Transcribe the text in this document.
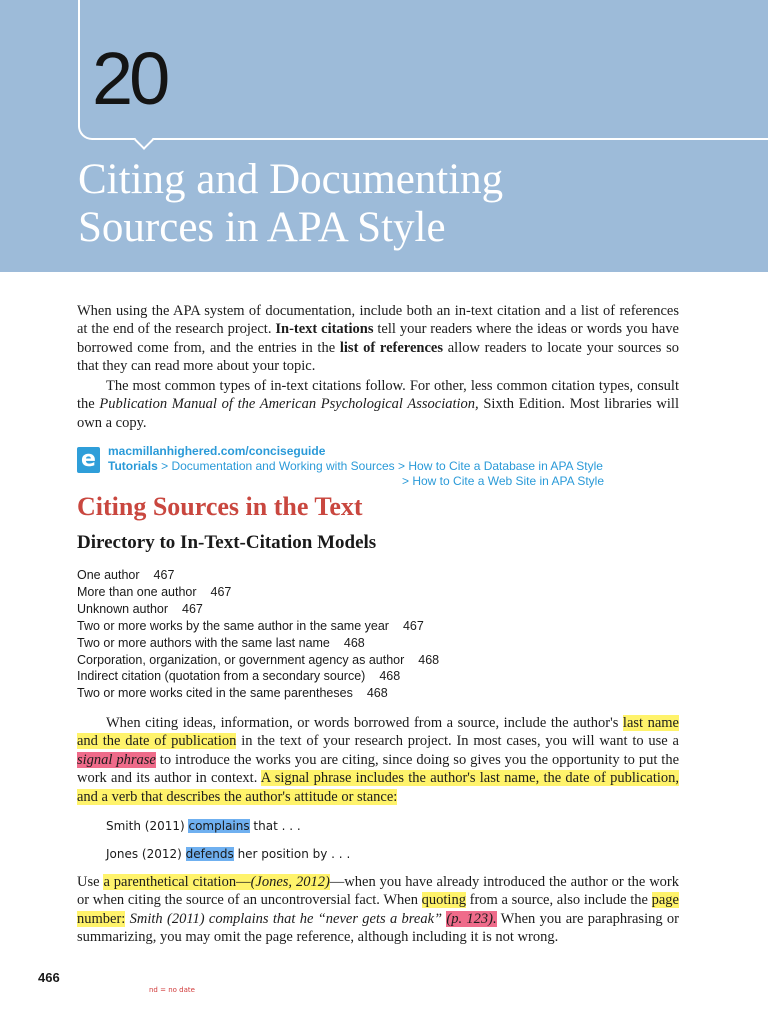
20
Citing and Documenting
Sources in APA Style

When using the APA system of documentation, include both an in-text citation and a list of references at the end of the research project. In-text citations tell your readers where the ideas or words you have borrowed come from, and the entries in the list of references allow readers to locate your sources so that they can read more about your topic.

The most common types of in-text citations follow. For other, less common citation types, consult the Publication Manual of the American Psychological Association, Sixth Edition. Most libraries will own a copy.

e	macmillanhighered.com/conciseguide
Tutorials > Documentation and Working with Sources > How to Cite a Database in APA Style
> How to Cite a Web Site in APA Style
Citing Sources in the Text
Directory to In-Text-Citation Models
One author 467
More than one author 467
Unknown author 467
Two or more works by the same author in the same year 467
Two or more authors with the same last name 468
Corporation, organization, or government agency as author 468
Indirect citation (quotation from a secondary source) 468
Two or more works cited in the same parentheses 468

When citing ideas, information, or words borrowed from a source, include the author's last name and the date of publication in the text of your research project. In most cases, you will want to use a signal phrase to introduce the works you are citing, since doing so gives you the opportunity to put the work and its author in context. A signal phrase includes the author's last name, the date of publication, and a verb that describes the author's attitude or stance:

Smith (2011) complains that . . .
Jones (2012) defends her position by . . .

Use a parenthetical citation—(Jones, 2012)—when you have already introduced the author or the work or when citing the source of an uncontroversial fact. When quoting from a source, also include the page number: Smith (2011) complains that he “never gets a break” (p. 123). When you are paraphrasing or summarizing, you may omit the page reference, although including it is not wrong.

466
nd = no date
